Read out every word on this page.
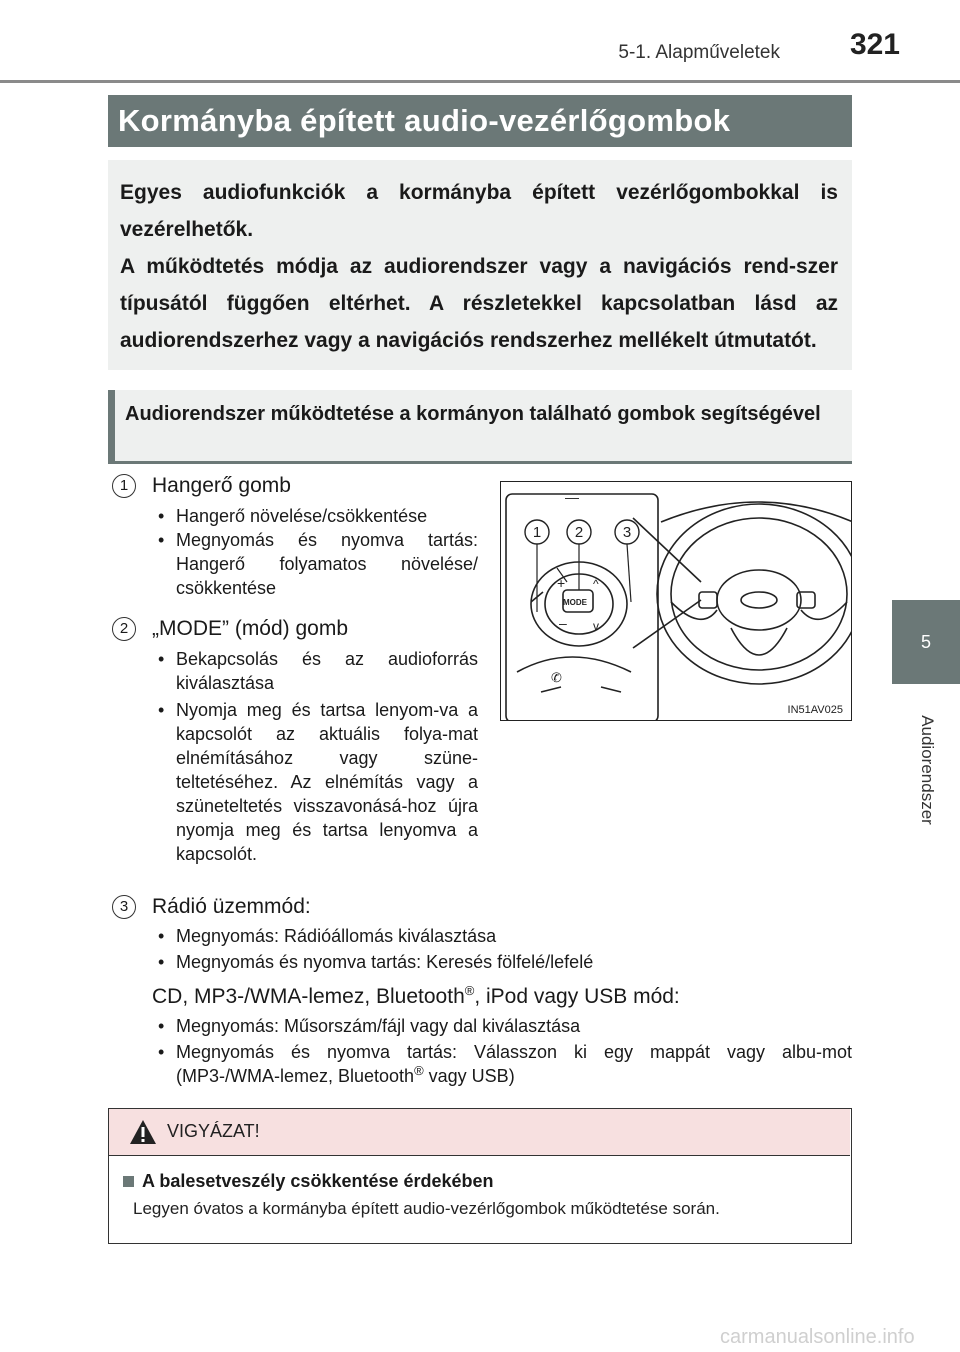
5-1. Alapműveletek	321
5
Audiorendszer
Kormányba épített audio-vezérlőgombok

Egyes audiofunkciók a kormányba épített vezérlőgombokkal is vezérelhetők.

A működtetés módja az audiorendszer vagy a navigációs rend-szer típusától függően eltérhet. A részletekkel kapcsolatban lásd az audiorendszerhez vagy a navigációs rendszerhez mellékelt útmutatót.

Audiorendszer működtetése a kormányon található gombok segítségével
1	Hangerő gomb
• Hangerő növelése/csökkentése
• Megnyomás és nyomva tartás: Hangerő folyamatos növelése/ csökkentése
2	„MODE” (mód) gomb
• Bekapcsolás és az audioforrás kiválasztása
• Nyomja meg és tartsa lenyom-va a kapcsolót az aktuális folya-mat elnémításához vagy szüne-teltetéséhez. Az elnémítás vagy a szüneteltetés visszavonásá-hoz újra nyomja meg és tartsa lenyomva a kapcsolót.
3	Rádió üzemmód:
• Megnyomás: Rádióállomás kiválasztása
• Megnyomás és nyomva tartás: Keresés fölfelé/lefelé
CD, MP3-/WMA-lemez, Bluetooth®, iPod vagy USB mód:
• Megnyomás: Műsorszám/fájl vagy dal kiválasztása
• Megnyomás és nyomva tartás: Válasszon ki egy mappát vagy albu-mot (MP3-/WMA-lemez, Bluetooth® vagy USB)
+
–
^
v
—
MODE
✆
1 2	3
IN51AV025
VIGYÁZAT!
A balesetveszély csökkentése érdekében
Legyen óvatos a kormányba épített audio-vezérlőgombok működtetése során.
carmanualsonline.info
